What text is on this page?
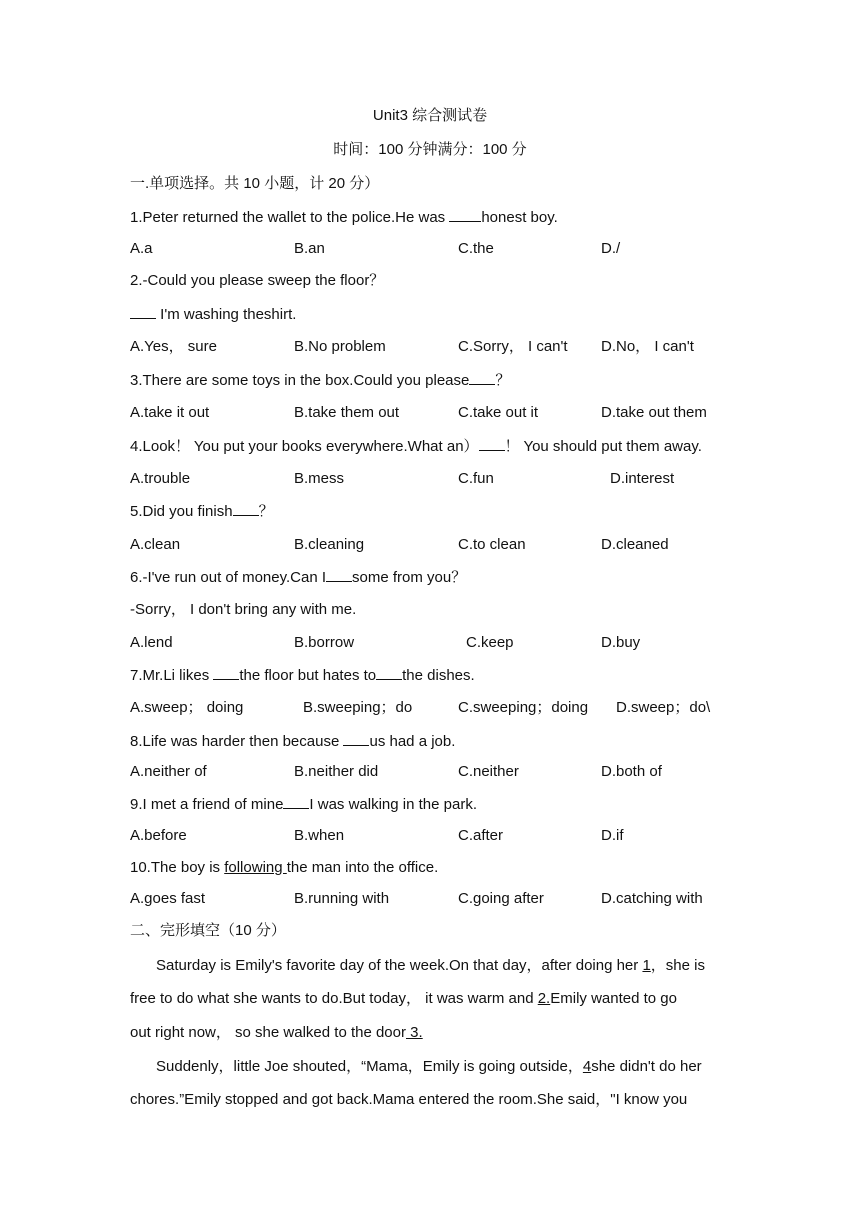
Unit3 综合测试卷
时间：100 分钟满分：100 分
一.单项选择。共 10 小题，计 20 分）
1.Peter returned the wallet to the police.He was honest boy.
A.a	B.an	C.the	D./
2.-Could you please sweep the floor？
I'm washing theshirt.
A.Yes， sure	B.No problem	C.Sorry， I can't D.No， I can't
3.There are some toys in the box.Could you please ？
A.take it out	B.take them out	C.take out it	D.take out them
4.Look！ You put your books everywhere.What an） ！ You should put them away.
A.trouble	B.mess	C.fun	D.interest
5.Did you finish ？
A.clean	B.cleaning	C.to clean	D.cleaned
6.-I've run out of money.Can I some from you？
-Sorry， I don't bring any with me.
A.lend	B.borrow	C.keep	D.buy
7.Mr.Li likes the floor but hates to the dishes.
A.sweep； doing	B.sweeping；do	C.sweeping；doing D.sweep；do\
8.Life was harder then because us had a job.
A.neither of	B.neither did	C.neither	D.both of
9.I met a friend of mine I was walking in the park.
A.before	B.when	C.after	D.if
10.The boy is following the man into the office.
A.goes fast	B.running with	C.going after	D.catching with
二、完形填空（10 分）
Saturday is Emily's favorite day of the week.On that day，after doing her 1，she is
free to do what she wants to do.But today， it was warm and 2.Emily wanted to go
out right now， so she walked to the door 3.
Suddenly，little Joe shouted，“Mama，Emily is going outside，4she didn't do her
chores.”Emily stopped and got back.Mama entered the room.She said，"I know you
